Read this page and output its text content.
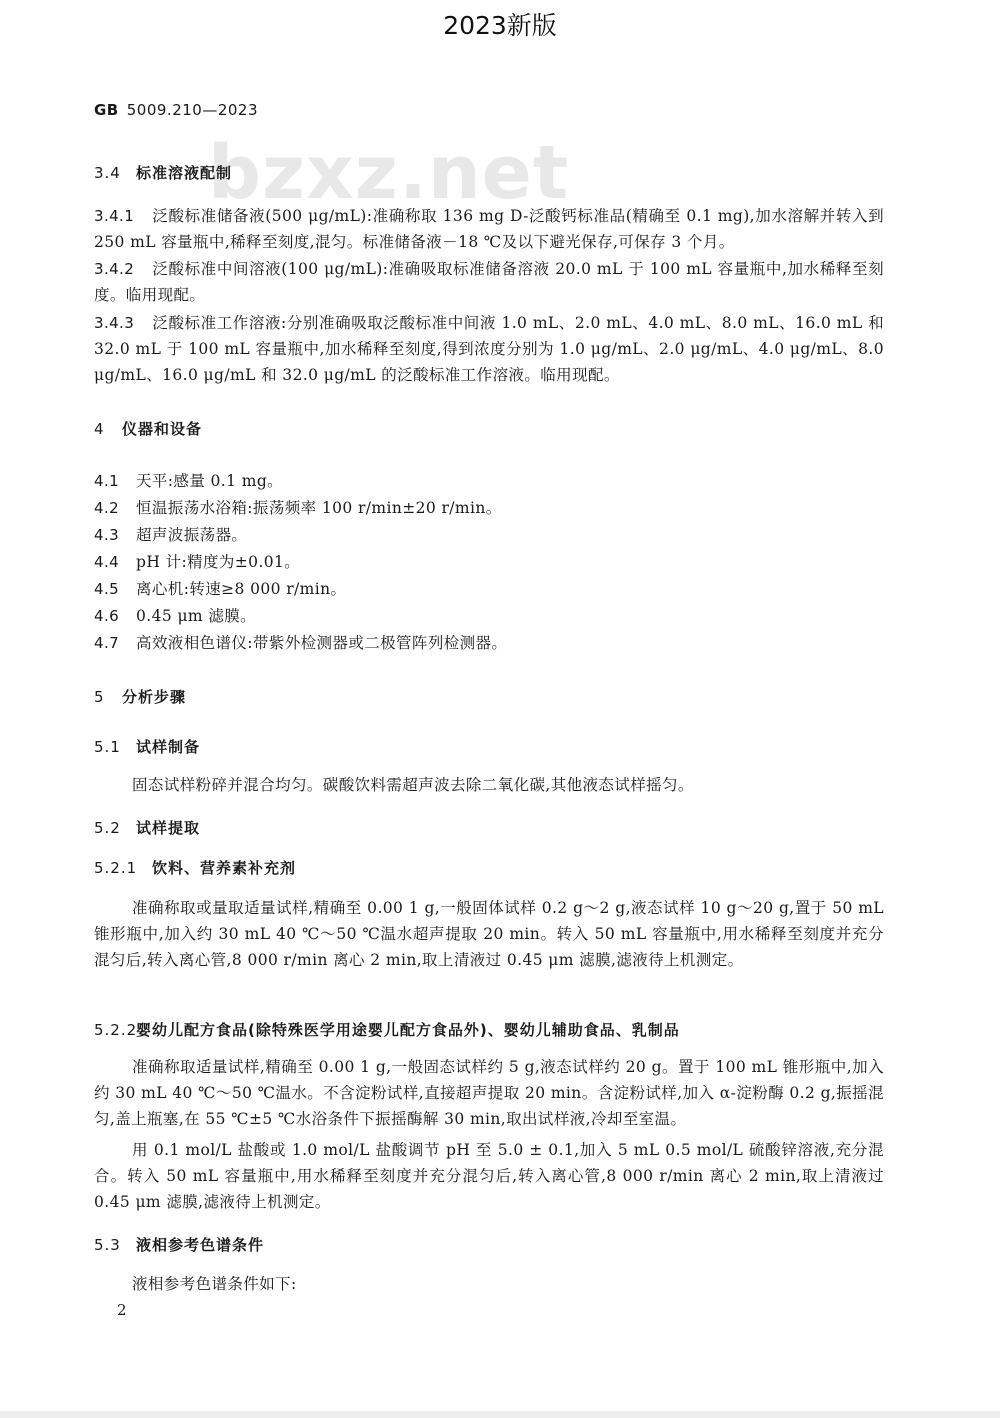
2023新版
GB 5009.210—2023
bzxz.net
3.4 标准溶液配制
3.4.1 泛酸标准储备液(500 μg/mL):准确称取 136 mg D-泛酸钙标准品(精确至 0.1 mg),加水溶解并转入到 250 mL 容量瓶中,稀释至刻度,混匀。标准储备液－18 ℃及以下避光保存,可保存 3 个月。
3.4.2 泛酸标准中间溶液(100 μg/mL):准确吸取标准储备溶液 20.0 mL 于 100 mL 容量瓶中,加水稀释至刻度。临用现配。
3.4.3 泛酸标准工作溶液:分别准确吸取泛酸标准中间液 1.0 mL、2.0 mL、4.0 mL、8.0 mL、16.0 mL 和 32.0 mL 于 100 mL 容量瓶中,加水稀释至刻度,得到浓度分别为 1.0 μg/mL、2.0 μg/mL、4.0 μg/mL、8.0 μg/mL、16.0 μg/mL 和 32.0 μg/mL 的泛酸标准工作溶液。临用现配。
4 仪器和设备
4.1 天平:感量 0.1 mg。
4.2 恒温振荡水浴箱:振荡频率 100 r/min±20 r/min。
4.3 超声波振荡器。
4.4 pH 计:精度为±0.01。
4.5 离心机:转速≥8 000 r/min。
4.6 0.45 μm 滤膜。
4.7 高效液相色谱仪:带紫外检测器或二极管阵列检测器。
5 分析步骤
5.1 试样制备
固态试样粉碎并混合均匀。碳酸饮料需超声波去除二氧化碳,其他液态试样摇匀。
5.2 试样提取
5.2.1 饮料、营养素补充剂
准确称取或量取适量试样,精确至 0.00 1 g,一般固体试样 0.2 g～2 g,液态试样 10 g～20 g,置于 50 mL 锥形瓶中,加入约 30 mL 40 ℃～50 ℃温水超声提取 20 min。转入 50 mL 容量瓶中,用水稀释至刻度并充分混匀后,转入离心管,8 000 r/min 离心 2 min,取上清液过 0.45 μm 滤膜,滤液待上机测定。
5.2.2婴幼儿配方食品(除特殊医学用途婴儿配方食品外)、婴幼儿辅助食品、乳制品
准确称取适量试样,精确至 0.00 1 g,一般固态试样约 5 g,液态试样约 20 g。置于 100 mL 锥形瓶中,加入约 30 mL 40 ℃～50 ℃温水。不含淀粉试样,直接超声提取 20 min。含淀粉试样,加入 α-淀粉酶 0.2 g,振摇混匀,盖上瓶塞,在 55 ℃±5 ℃水浴条件下振摇酶解 30 min,取出试样液,冷却至室温。
用 0.1 mol/L 盐酸或 1.0 mol/L 盐酸调节 pH 至 5.0 ± 0.1,加入 5 mL 0.5 mol/L 硫酸锌溶液,充分混合。转入 50 mL 容量瓶中,用水稀释至刻度并充分混匀后,转入离心管,8 000 r/min 离心 2 min,取上清液过 0.45 μm 滤膜,滤液待上机测定。
5.3 液相参考色谱条件
液相参考色谱条件如下:
2
